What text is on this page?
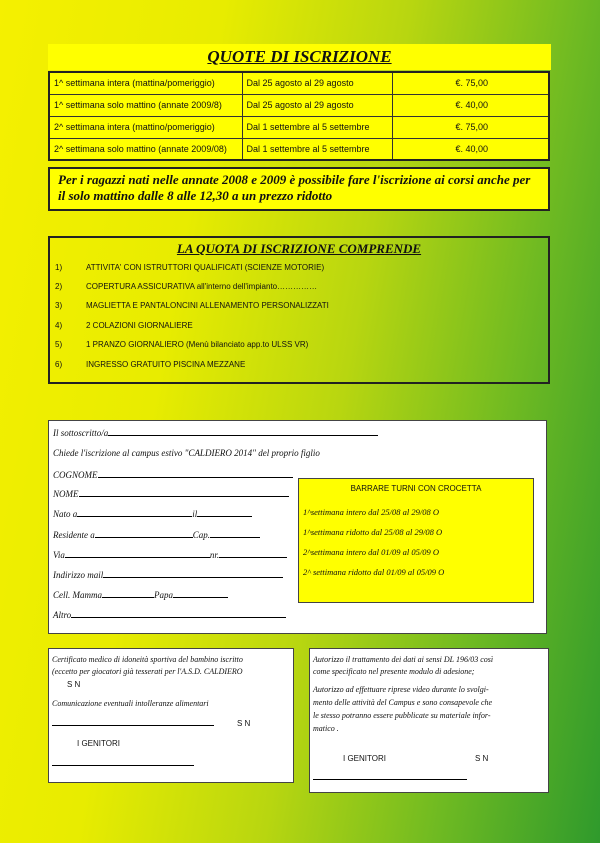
QUOTE DI ISCRIZIONE
1^ settimana intera (mattina/pomeriggio)	Dal 25 agosto al 29 agosto	€. 75,00
1^ settimana solo mattino (annate 2009/8)	Dal 25 agosto al 29 agosto	€. 40,00
2^ settimana intera (mattino/pomeriggio)	Dal 1 settembre al 5 settembre	€. 75,00
2^ settimana solo mattino (annate 2009/08)	Dal 1 settembre al 5 settembre	€. 40,00
Per i ragazzi nati nelle annate 2008 e 2009 è possibile fare l'iscrizione ai corsi anche per il solo mattino dalle 8 alle 12,30 a un prezzo ridotto
LA QUOTA DI ISCRIZIONE COMPRENDE
1)	ATTIVITA' CON ISTRUTTORI QUALIFICATI (SCIENZE MOTORIE)
2)	COPERTURA ASSICURATIVA all'interno dell'impianto……………
3)	MAGLIETTA E PANTALONCINI ALLENAMENTO PERSONALIZZATI
4)	2 COLAZIONI GIORNALIERE
5)	1 PRANZO GIORNALIERO (Menù bilanciato app.to ULSS VR)
6)	INGRESSO GRATUITO PISCINA MEZZANE
Il sottoscritto/a
Chiede l'iscrizione al campus estivo "CALDIERO 2014" del proprio figlio
COGNOME
NOME
Nato a	il
Residente a	Cap.
Via	nr.
Indirizzo mail
Cell. Mamma	Papa
Altro
BARRARE TURNI CON CROCETTA
1^settimana intero dal 25/08 al 29/08 O
1^settimana ridotto dal 25/08 al 29/08 O
2^settimana intero dal 01/09 al 05/09 O
2^ settimana ridotto dal 01/09 al 05/09 O
Certificato medico di idoneità sportiva del bambino iscritto
(eccetto per giocatori già tesserati per l'A.S.D. CALDIERO
S N
Comunicazione eventuali intolleranze alimentari
S N
I GENITORI
Autorizzo il trattamento dei dati ai sensi DL 196/03 così
come specificato nel presente modulo di adesione;
Autorizzo ad effettuare riprese video durante lo svolgi-
mento delle attività del Campus e sono consapevole che
le stesso potranno essere pubblicate su materiale infor-
matico .
I GENITORI	S N
